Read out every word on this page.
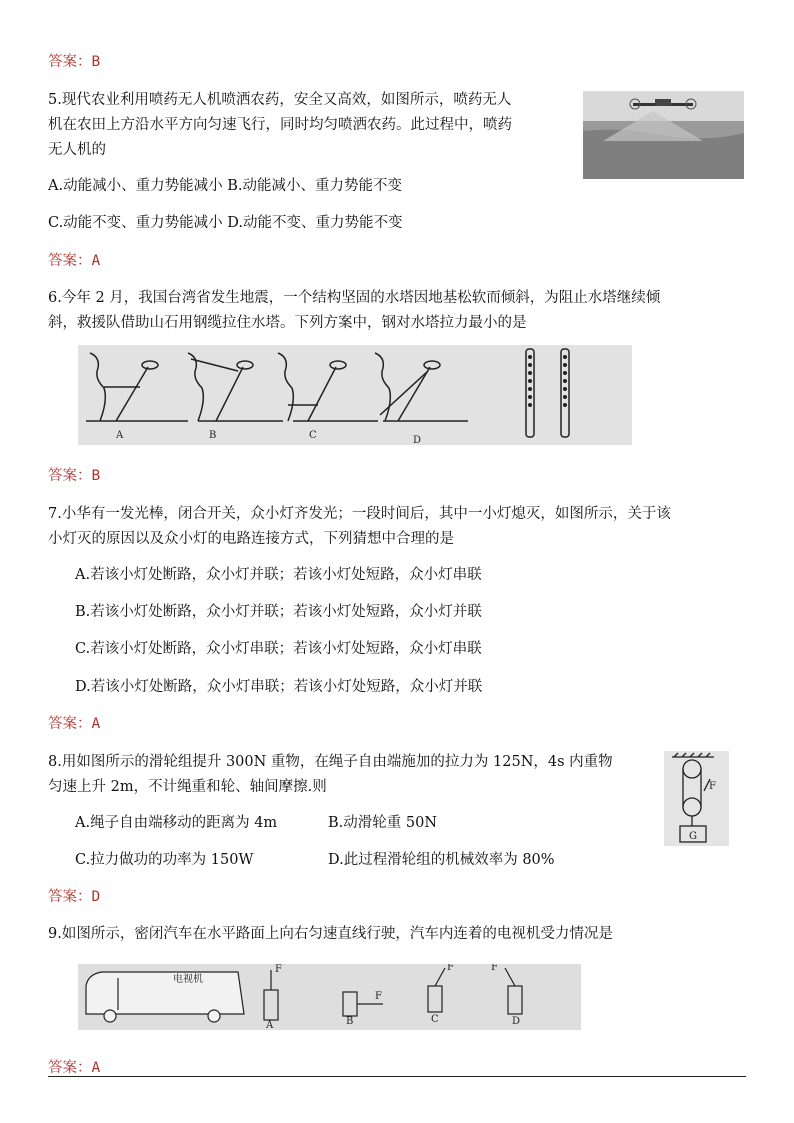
答案：B
5.现代农业利用喷药无人机喷洒农药，安全又高效，如图所示，喷药无人
机在农田上方沿水平方向匀速飞行，同时均匀喷洒农药。此过程中，喷药
无人机的
A.动能减小、重力势能减小 B.动能减小、重力势能不变
C.动能不变、重力势能减小 D.动能不变、重力势能不变
答案：A
6.今年 2 月，我国台湾省发生地震，一个结构坚固的水塔因地基松软而倾斜，为阻止水塔继续倾
斜，救援队借助山石用钢缆拉住水塔。下列方案中，钢对水塔拉力最小的是
A	B	C	D
答案：B
7.小华有一发光棒，闭合开关，众小灯齐发光；一段时间后，其中一小灯熄灭，如图所示，关于该
小灯灭的原因以及众小灯的电路连接方式，下列猜想中合理的是
A.若该小灯处断路，众小灯并联；若该小灯处短路，众小灯串联
B.若该小灯处断路，众小灯并联；若该小灯处短路，众小灯并联
C.若该小灯处断路，众小灯串联；若该小灯处短路，众小灯串联
D.若该小灯处断路，众小灯串联；若该小灯处短路，众小灯并联
答案：A
8.用如图所示的滑轮组提升 300N 重物，在绳子自由端施加的拉力为 125N，4s 内重物
匀速上升 2m，不计绳重和轮、轴间摩擦.则
A.绳子自由端移动的距离为 4m	B.动滑轮重 50N
C.拉力做功的功率为 150W	D.此过程滑轮组的机械效率为 80%
F
G
答案：D
9.如图所示，密闭汽车在水平路面上向右匀速直线行驶，汽车内连着的电视机受力情况是
电视机
F
F
F	F
A	B	C	D
答案：A
